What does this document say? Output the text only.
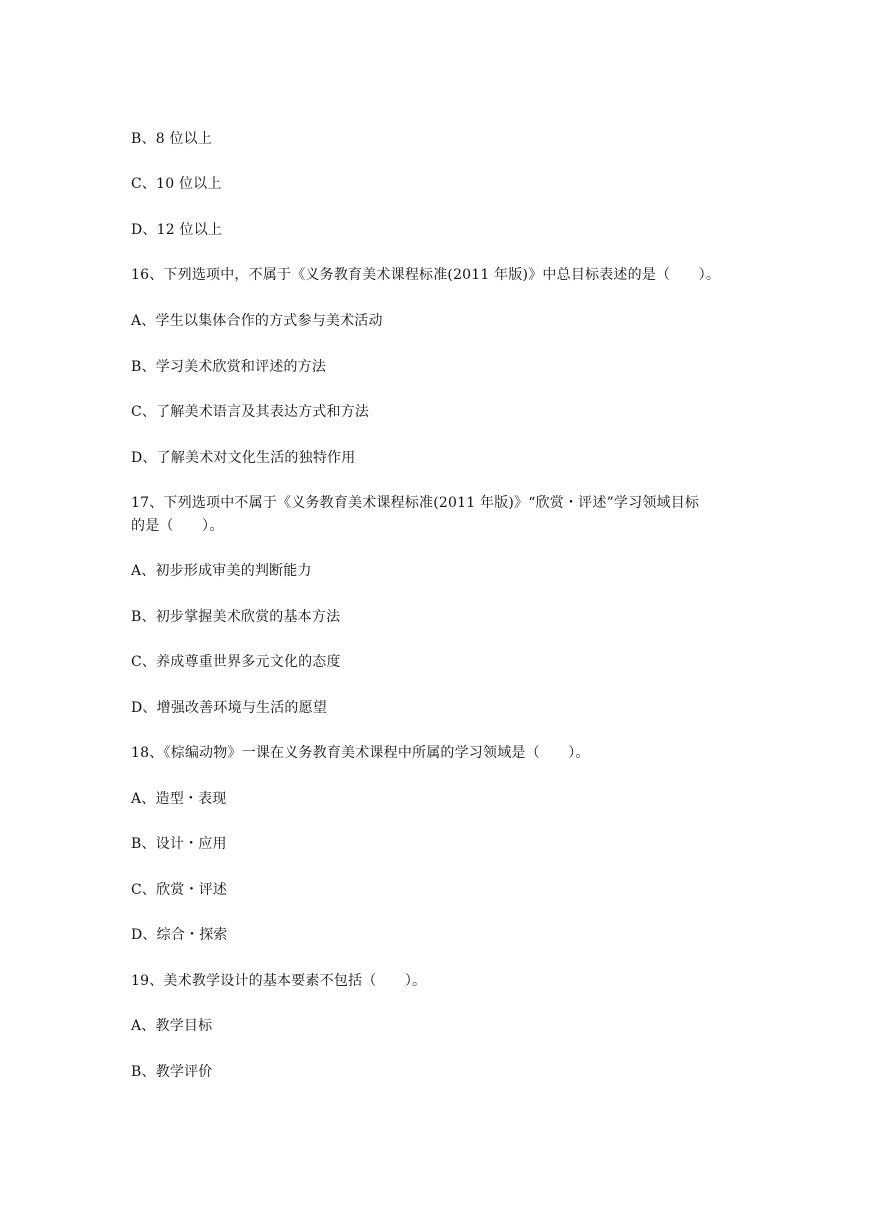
B、8 位以上
C、10 位以上
D、12 位以上
16、下列选项中，不属于《义务教育美术课程标准(2011 年版)》中总目标表述的是（　　）。
A、学生以集体合作的方式参与美术活动
B、学习美术欣赏和评述的方法
C、了解美术语言及其表达方式和方法
D、了解美术对文化生活的独特作用
17、下列选项中不属于《义务教育美术课程标准(2011 年版)》“欣赏・评述”学习领域目标
的是（　　）。
A、初步形成审美的判断能力
B、初步掌握美术欣赏的基本方法
C、养成尊重世界多元文化的态度
D、增强改善环境与生活的愿望
18、《棕编动物》一课在义务教育美术课程中所属的学习领域是（　　）。
A、造型・表现
B、设计・应用
C、欣赏・评述
D、综合・探索
19、美术教学设计的基本要素不包括（　　）。
A、教学目标
B、教学评价
